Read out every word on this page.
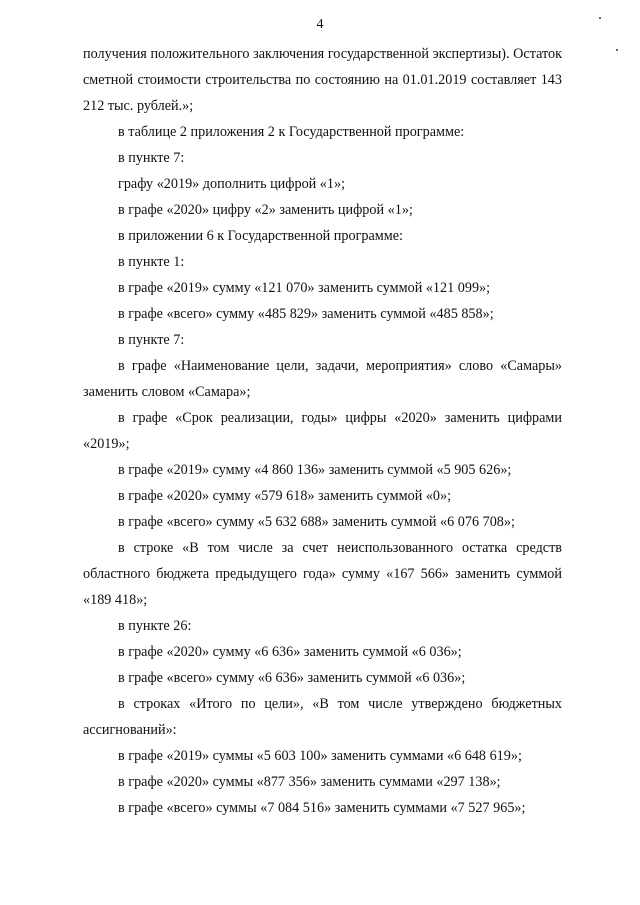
4

получения положительного заключения государственной экспертизы). Остаток сметной стоимости строительства по состоянию на 01.01.2019 составляет 143 212 тыс. рублей.»;

в таблице 2 приложения 2 к Государственной программе:

в пункте 7:

графу «2019» дополнить цифрой «1»;

в графе «2020» цифру «2» заменить цифрой «1»;

в приложении 6 к Государственной программе:

в пункте 1:

в графе «2019» сумму «121 070» заменить суммой «121 099»;

в графе «всего» сумму «485 829» заменить суммой «485 858»;

в пункте 7:

в графе «Наименование цели, задачи, мероприятия» слово «Самары» заменить словом «Самара»;

в графе «Срок реализации, годы» цифры «2020» заменить цифрами «2019»;

в графе «2019» сумму «4 860 136» заменить суммой «5 905 626»;

в графе «2020» сумму «579 618» заменить суммой «0»;

в графе «всего» сумму «5 632 688» заменить суммой «6 076 708»;

в строке «В том числе за счет неиспользованного остатка средств областного бюджета предыдущего года» сумму «167 566» заменить суммой «189 418»;

в пункте 26:

в графе «2020» сумму «6 636» заменить суммой «6 036»;

в графе «всего» сумму «6 636» заменить суммой «6 036»;

в строках «Итого по цели», «В том числе утверждено бюджетных ассигнований»:

в графе «2019» суммы «5 603 100» заменить суммами «6 648 619»;

в графе «2020» суммы «877 356» заменить суммами «297 138»;

в графе «всего» суммы «7 084 516» заменить суммами «7 527 965»;
